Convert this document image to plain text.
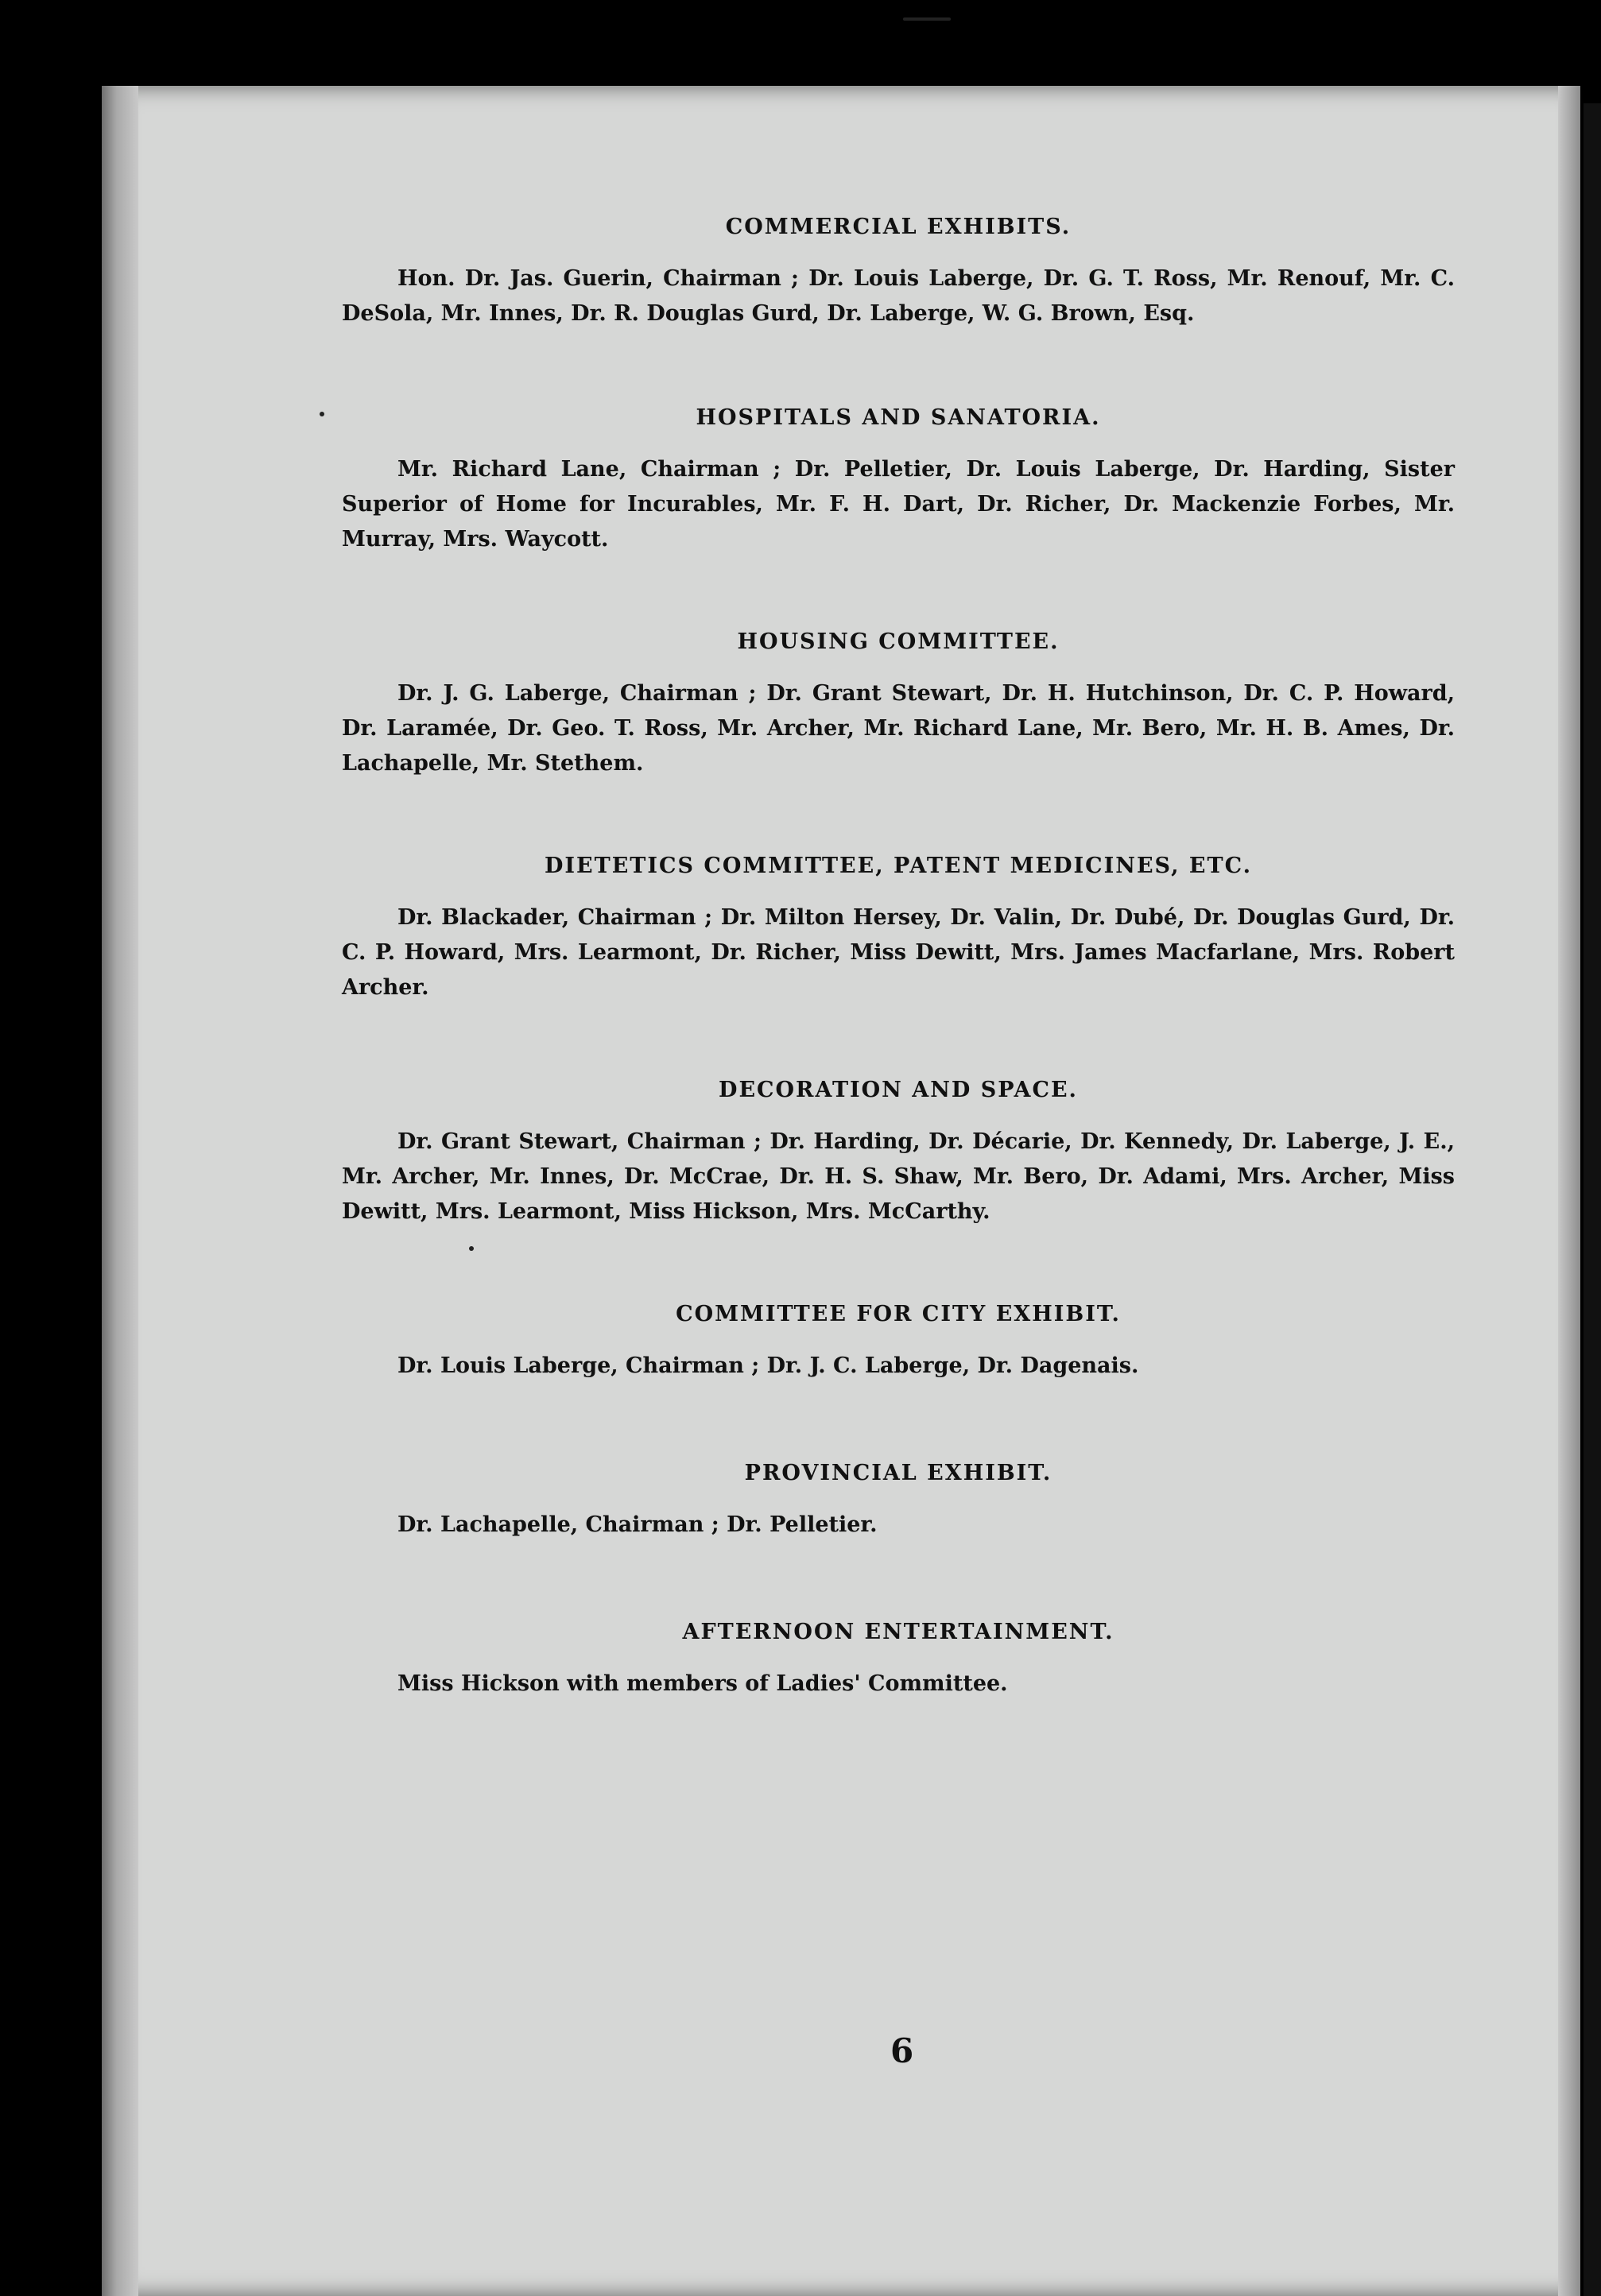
COMMERCIAL EXHIBITS.

Hon. Dr. Jas. Guerin, Chairman ; Dr. Louis Laberge, Dr. G. T. Ross, Mr. Renouf, Mr. C. DeSola, Mr. Innes, Dr. R. Douglas Gurd, Dr. Laberge, W. G. Brown, Esq.

HOSPITALS AND SANATORIA.

Mr. Richard Lane, Chairman ; Dr. Pelletier, Dr. Louis Laberge, Dr. Harding, Sister Superior of Home for Incurables, Mr. F. H. Dart, Dr. Richer, Dr. Mackenzie Forbes, Mr. Murray, Mrs. Waycott.

HOUSING COMMITTEE.

Dr. J. G. Laberge, Chairman ; Dr. Grant Stewart, Dr. H. Hutchinson, Dr. C. P. Howard, Dr. Laramée, Dr. Geo. T. Ross, Mr. Archer, Mr. Richard Lane, Mr. Bero, Mr. H. B. Ames, Dr. Lachapelle, Mr. Stethem.

DIETETICS COMMITTEE, PATENT MEDICINES, ETC.

Dr. Blackader, Chairman ; Dr. Milton Hersey, Dr. Valin, Dr. Dubé, Dr. Douglas Gurd, Dr. C. P. Howard, Mrs. Learmont, Dr. Richer, Miss Dewitt, Mrs. James Macfarlane, Mrs. Robert Archer.

DECORATION AND SPACE.

Dr. Grant Stewart, Chairman ; Dr. Harding, Dr. Décarie, Dr. Kennedy, Dr. Laberge, J. E., Mr. Archer, Mr. Innes, Dr. McCrae, Dr. H. S. Shaw, Mr. Bero, Dr. Adami, Mrs. Archer, Miss Dewitt, Mrs. Learmont, Miss Hickson, Mrs. McCarthy.

COMMITTEE FOR CITY EXHIBIT.

Dr. Louis Laberge, Chairman ; Dr. J. C. Laberge, Dr. Dagenais.

PROVINCIAL EXHIBIT.

Dr. Lachapelle, Chairman ; Dr. Pelletier.

AFTERNOON ENTERTAINMENT.

Miss Hickson with members of Ladies' Committee.

6
